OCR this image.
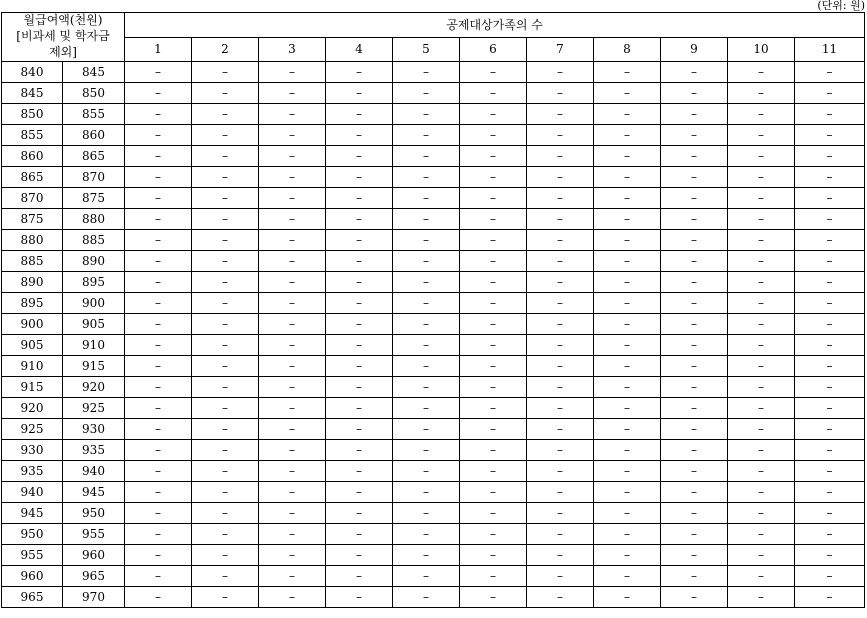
(단위: 원)
월급여액(천원)
[비과세 및 학자금
제외]		공제대상가족의 수										
		1	2	3	4	5	6	7	8	9	10	11
840	845	–	–	–	–	–	–	–	–	–	–	–
845	850	–	–	–	–	–	–	–	–	–	–	–
850	855	–	–	–	–	–	–	–	–	–	–	–
855	860	–	–	–	–	–	–	–	–	–	–	–
860	865	–	–	–	–	–	–	–	–	–	–	–
865	870	–	–	–	–	–	–	–	–	–	–	–
870	875	–	–	–	–	–	–	–	–	–	–	–
875	880	–	–	–	–	–	–	–	–	–	–	–
880	885	–	–	–	–	–	–	–	–	–	–	–
885	890	–	–	–	–	–	–	–	–	–	–	–
890	895	–	–	–	–	–	–	–	–	–	–	–
895	900	–	–	–	–	–	–	–	–	–	–	–
900	905	–	–	–	–	–	–	–	–	–	–	–
905	910	–	–	–	–	–	–	–	–	–	–	–
910	915	–	–	–	–	–	–	–	–	–	–	–
915	920	–	–	–	–	–	–	–	–	–	–	–
920	925	–	–	–	–	–	–	–	–	–	–	–
925	930	–	–	–	–	–	–	–	–	–	–	–
930	935	–	–	–	–	–	–	–	–	–	–	–
935	940	–	–	–	–	–	–	–	–	–	–	–
940	945	–	–	–	–	–	–	–	–	–	–	–
945	950	–	–	–	–	–	–	–	–	–	–	–
950	955	–	–	–	–	–	–	–	–	–	–	–
955	960	–	–	–	–	–	–	–	–	–	–	–
960	965	–	–	–	–	–	–	–	–	–	–	–
965	970	–	–	–	–	–	–	–	–	–	–	–
